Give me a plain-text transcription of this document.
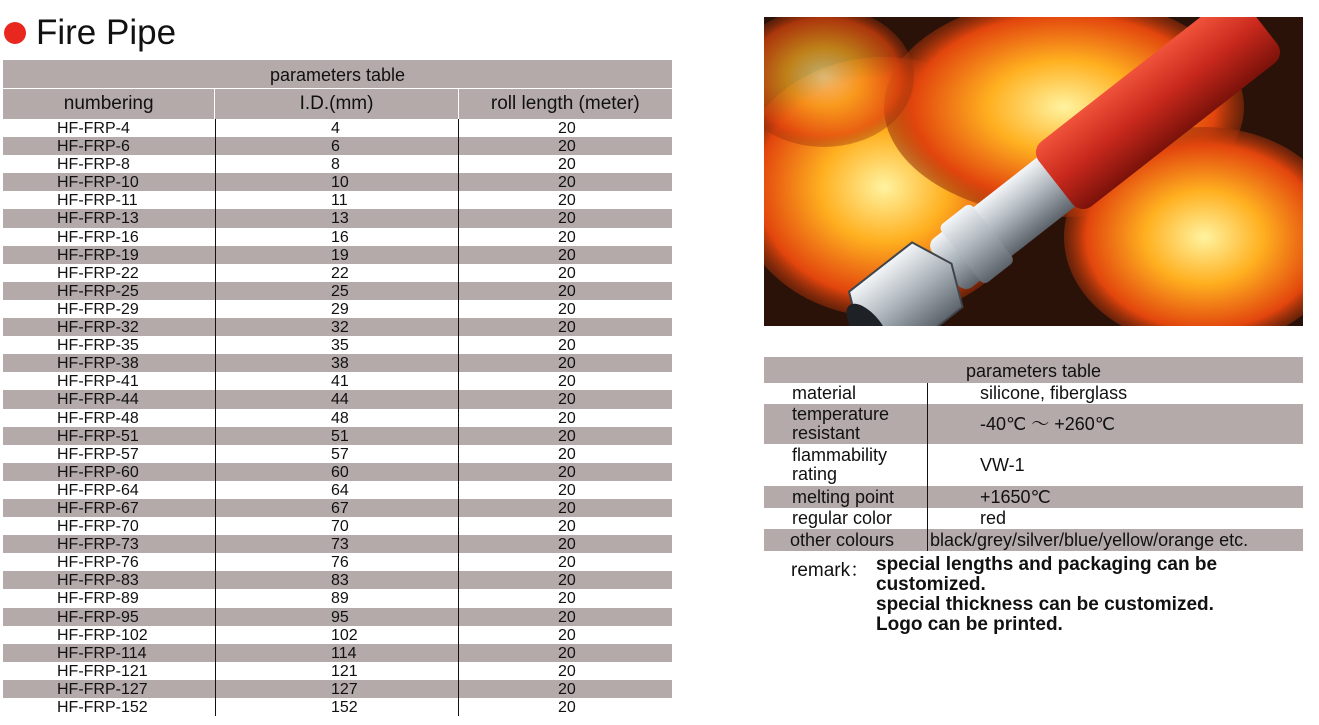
Fire Pipe
parameters table
numbering	I.D.(mm)	roll length (meter)
HF-FRP-4	4	20
HF-FRP-6	6	20
HF-FRP-8	8	20
HF-FRP-10	10	20
HF-FRP-11	11	20
HF-FRP-13	13	20
HF-FRP-16	16	20
HF-FRP-19	19	20
HF-FRP-22	22	20
HF-FRP-25	25	20
HF-FRP-29	29	20
HF-FRP-32	32	20
HF-FRP-35	35	20
HF-FRP-38	38	20
HF-FRP-41	41	20
HF-FRP-44	44	20
HF-FRP-48	48	20
HF-FRP-51	51	20
HF-FRP-57	57	20
HF-FRP-60	60	20
HF-FRP-64	64	20
HF-FRP-67	67	20
HF-FRP-70	70	20
HF-FRP-73	73	20
HF-FRP-76	76	20
HF-FRP-83	83	20
HF-FRP-89	89	20
HF-FRP-95	95	20
HF-FRP-102	102	20
HF-FRP-114	114	20
HF-FRP-121	121	20
HF-FRP-127	127	20
HF-FRP-152	152	20
parameters table
material	silicone, fiberglass
temperature resistant	-40℃ ～ +260℃
flammability rating	VW-1
melting point	+1650℃
regular color	red
other colours	black/grey/silver/blue/yellow/orange etc.
remark： special lengths and packaging can be customized.
special thickness can be customized.
Logo can be printed.
